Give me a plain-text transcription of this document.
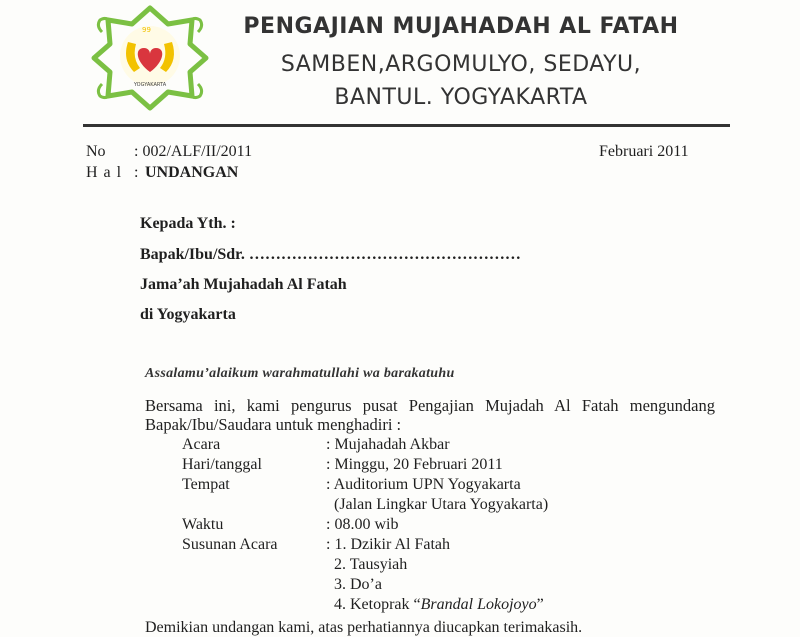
99
YOGYAKARTA
PENGAJIAN MUJAHADAH AL FATAH
SAMBEN,ARGOMULYO, SEDAYU,
BANTUL. YOGYAKARTA
No : 002/ALF/II/2011	Februari 2011
H a l : UNDANGAN
Kepada Yth. :
Bapak/Ibu/Sdr. ……………………………………………
Jama’ah Mujahadah Al Fatah
di Yogyakarta
Assalamu’alaikum warahmatullahi wa barakatuhu
Bersama ini, kami pengurus pusat Pengajian Mujadah Al Fatah mengundang
Bapak/Ibu/Saudara untuk menghadiri :
Acara	: Mujahadah Akbar
Hari/tanggal	: Minggu, 20 Februari 2011
Tempat	: Auditorium UPN Yogyakarta
(Jalan Lingkar Utara Yogyakarta)
Waktu	: 08.00 wib
Susunan Acara	: 1. Dzikir Al Fatah
2. Tausyiah
3. Do’a
4. Ketoprak “Brandal Lokojoyo”
Demikian undangan kami, atas perhatiannya diucapkan terimakasih.
